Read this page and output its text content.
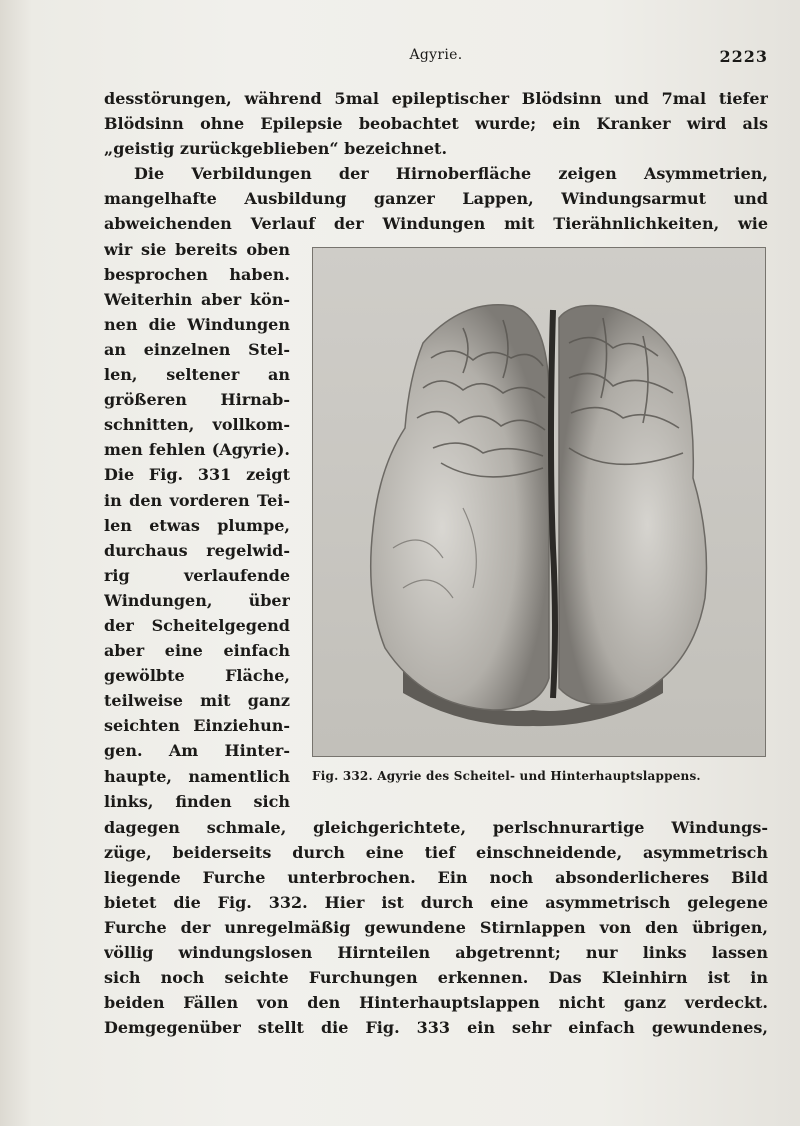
Agyrie.	2223
desstörungen, während 5mal epileptischer Blödsinn und 7mal tiefer
Blödsinn ohne Epilepsie beobachtet wurde; ein Kranker wird als
„geistig zurückgeblieben“ bezeichnet.
Die Verbildungen der Hirnoberfläche zeigen Asymmetrien,
mangelhafte Ausbildung ganzer Lappen, Windungsarmut und
abweichenden Verlauf der Windungen mit Tierähnlichkeiten, wie
wir sie bereits oben
besprochen haben.
Weiterhin aber kön-
nen die Windungen
an einzelnen Stel-
len, seltener an
größeren Hirnab-
schnitten, vollkom-
men fehlen (Agyrie).
Die Fig. 331 zeigt
in den vorderen Tei-
len etwas plumpe,
durchaus regelwid-
rig verlaufende
Windungen, über
der Scheitelgegend
aber eine einfach
gewölbte Fläche,
teilweise mit ganz
seichten Einziehun-
gen. Am Hinter-
haupte, namentlich
links, finden sich
Fig. 332. Agyrie des Scheitel- und Hinterhauptslappens.
dagegen schmale, gleichgerichtete, perlschnurartige Windungs-
züge, beiderseits durch eine tief einschneidende, asymmetrisch
liegende Furche unterbrochen. Ein noch absonderlicheres Bild
bietet die Fig. 332. Hier ist durch eine asymmetrisch gelegene
Furche der unregelmäßig gewundene Stirnlappen von den übrigen,
völlig windungslosen Hirnteilen abgetrennt; nur links lassen
sich noch seichte Furchungen erkennen. Das Kleinhirn ist in
beiden Fällen von den Hinterhauptslappen nicht ganz verdeckt.
Demgegenüber stellt die Fig. 333 ein sehr einfach gewundenes,
